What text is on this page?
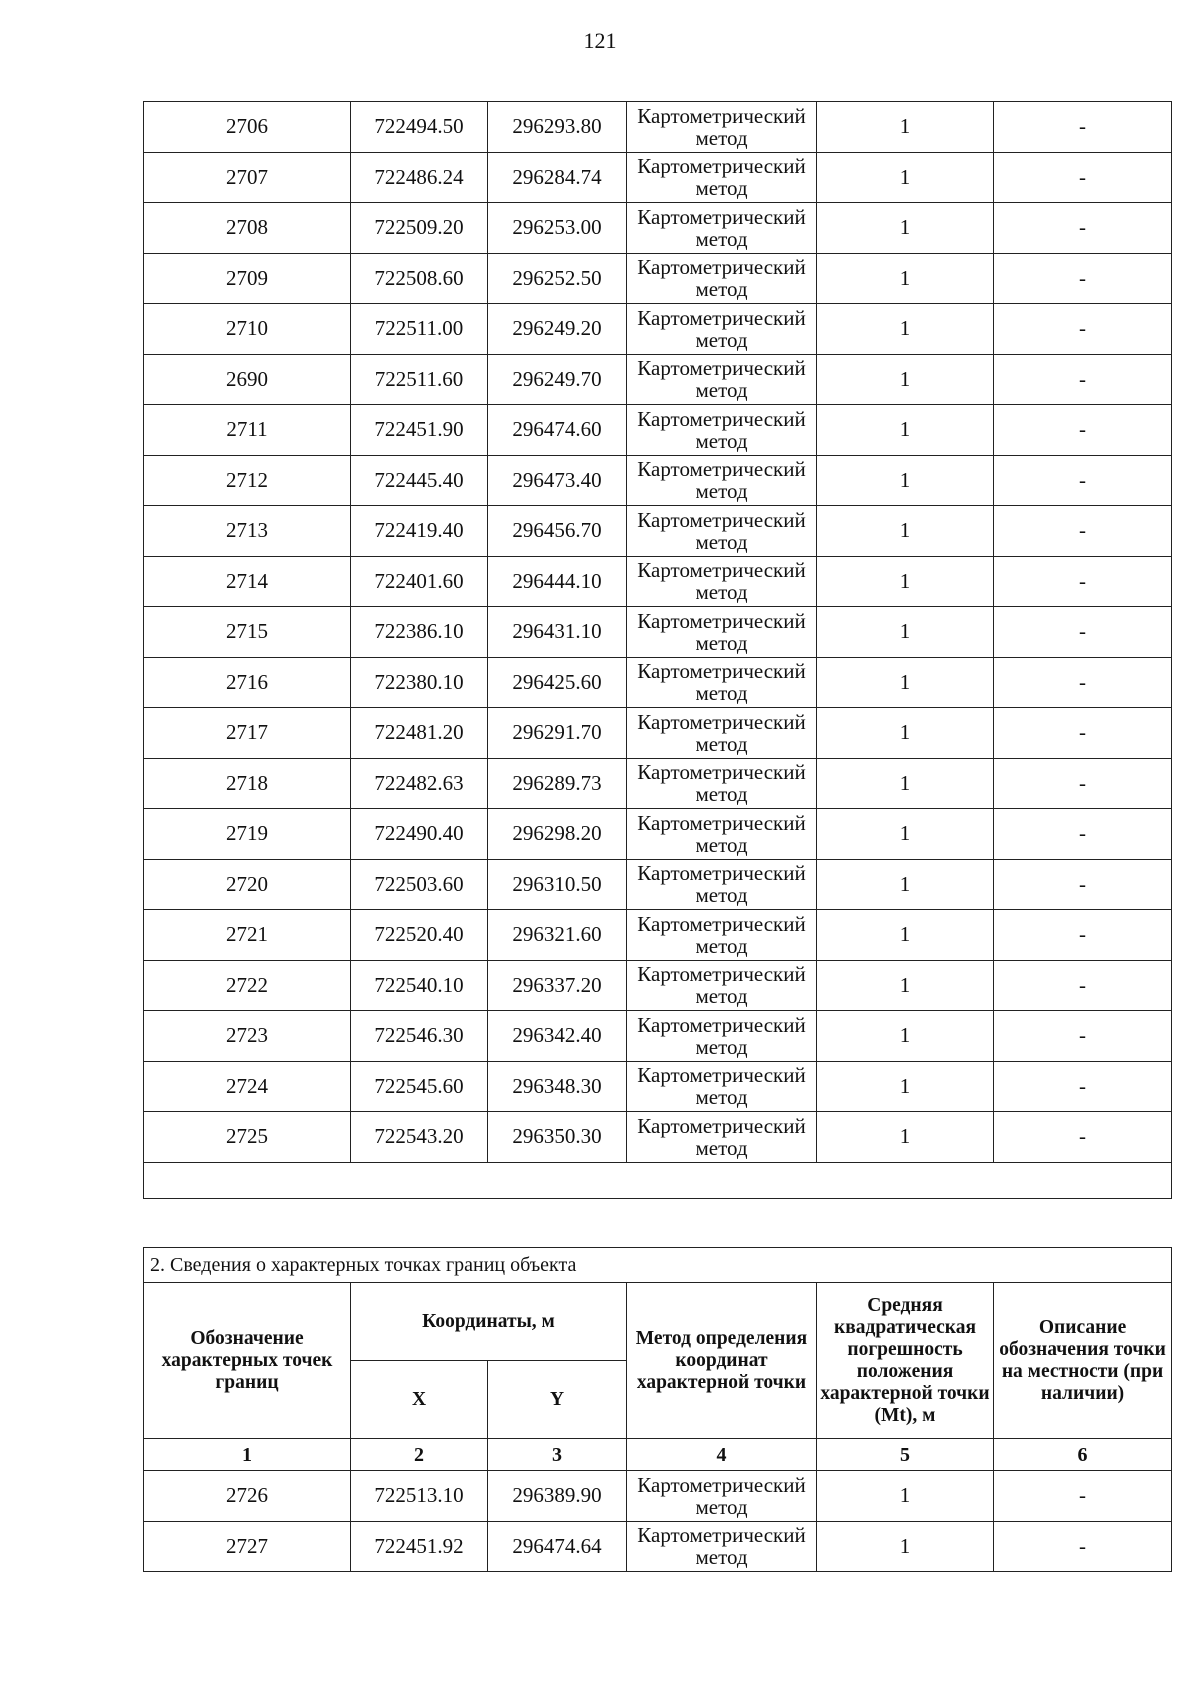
121
2706	722494.50	296293.80	Картометрический метод	1	-
2707	722486.24	296284.74	Картометрический метод	1	-
2708	722509.20	296253.00	Картометрический метод	1	-
2709	722508.60	296252.50	Картометрический метод	1	-
2710	722511.00	296249.20	Картометрический метод	1	-
2690	722511.60	296249.70	Картометрический метод	1	-
2711	722451.90	296474.60	Картометрический метод	1	-
2712	722445.40	296473.40	Картометрический метод	1	-
2713	722419.40	296456.70	Картометрический метод	1	-
2714	722401.60	296444.10	Картометрический метод	1	-
2715	722386.10	296431.10	Картометрический метод	1	-
2716	722380.10	296425.60	Картометрический метод	1	-
2717	722481.20	296291.70	Картометрический метод	1	-
2718	722482.63	296289.73	Картометрический метод	1	-
2719	722490.40	296298.20	Картометрический метод	1	-
2720	722503.60	296310.50	Картометрический метод	1	-
2721	722520.40	296321.60	Картометрический метод	1	-
2722	722540.10	296337.20	Картометрический метод	1	-
2723	722546.30	296342.40	Картометрический метод	1	-
2724	722545.60	296348.30	Картометрический метод	1	-
2725	722543.20	296350.30	Картометрический метод	1	-

2. Сведения о характерных точках границ объекта					
Обозначение характерных точек границ	Координаты, м		Метод определения координат характерной точки	Средняя квадратическая погрешность положения характерной точки (Mt), м	Описание обозначения точки на местности (при наличии)
	X	Y			
1	2	3	4	5	6
2726	722513.10	296389.90	Картометрический метод	1	-
2727	722451.92	296474.64	Картометрический метод	1	-
